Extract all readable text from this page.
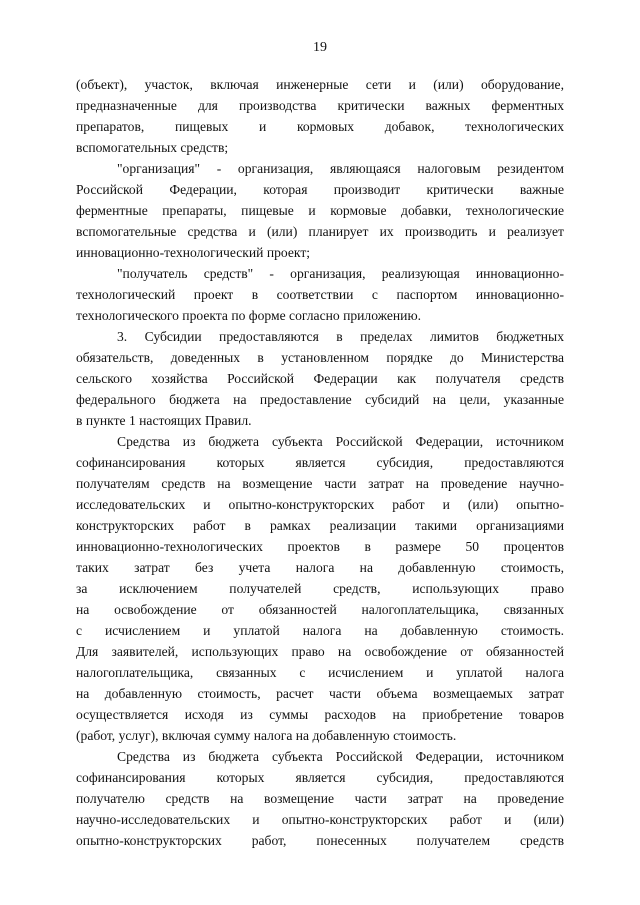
19
(объект), участок, включая инженерные сети и (или) оборудование,
предназначенные для производства критически важных ферментных
препаратов, пищевых и кормовых добавок, технологических
вспомогательных средств;
"организация" - организация, являющаяся налоговым резидентом
Российской Федерации, которая производит критически важные
ферментные препараты, пищевые и кормовые добавки, технологические
вспомогательные средства и (или) планирует их производить и реализует
инновационно-технологический проект;
"получатель средств" - организация, реализующая инновационно-
технологический проект в соответствии с паспортом инновационно-
технологического проекта по форме согласно приложению.
3. Субсидии предоставляются в пределах лимитов бюджетных
обязательств, доведенных в установленном порядке до Министерства
сельского хозяйства Российской Федерации как получателя средств
федерального бюджета на предоставление субсидий на цели, указанные
в пункте 1 настоящих Правил.
Средства из бюджета субъекта Российской Федерации, источником
софинансирования которых является субсидия, предоставляются
получателям средств на возмещение части затрат на проведение научно-
исследовательских и опытно-конструкторских работ и (или) опытно-
конструкторских работ в рамках реализации такими организациями
инновационно-технологических проектов в размере 50 процентов
таких затрат без учета налога на добавленную стоимость,
за исключением получателей средств, использующих право
на освобождение от обязанностей налогоплательщика, связанных
с исчислением и уплатой налога на добавленную стоимость.
Для заявителей, использующих право на освобождение от обязанностей
налогоплательщика, связанных с исчислением и уплатой налога
на добавленную стоимость, расчет части объема возмещаемых затрат
осуществляется исходя из суммы расходов на приобретение товаров
(работ, услуг), включая сумму налога на добавленную стоимость.
Средства из бюджета субъекта Российской Федерации, источником
софинансирования которых является субсидия, предоставляются
получателю средств на возмещение части затрат на проведение
научно-исследовательских и опытно-конструкторских работ и (или)
опытно-конструкторских работ, понесенных получателем средств
